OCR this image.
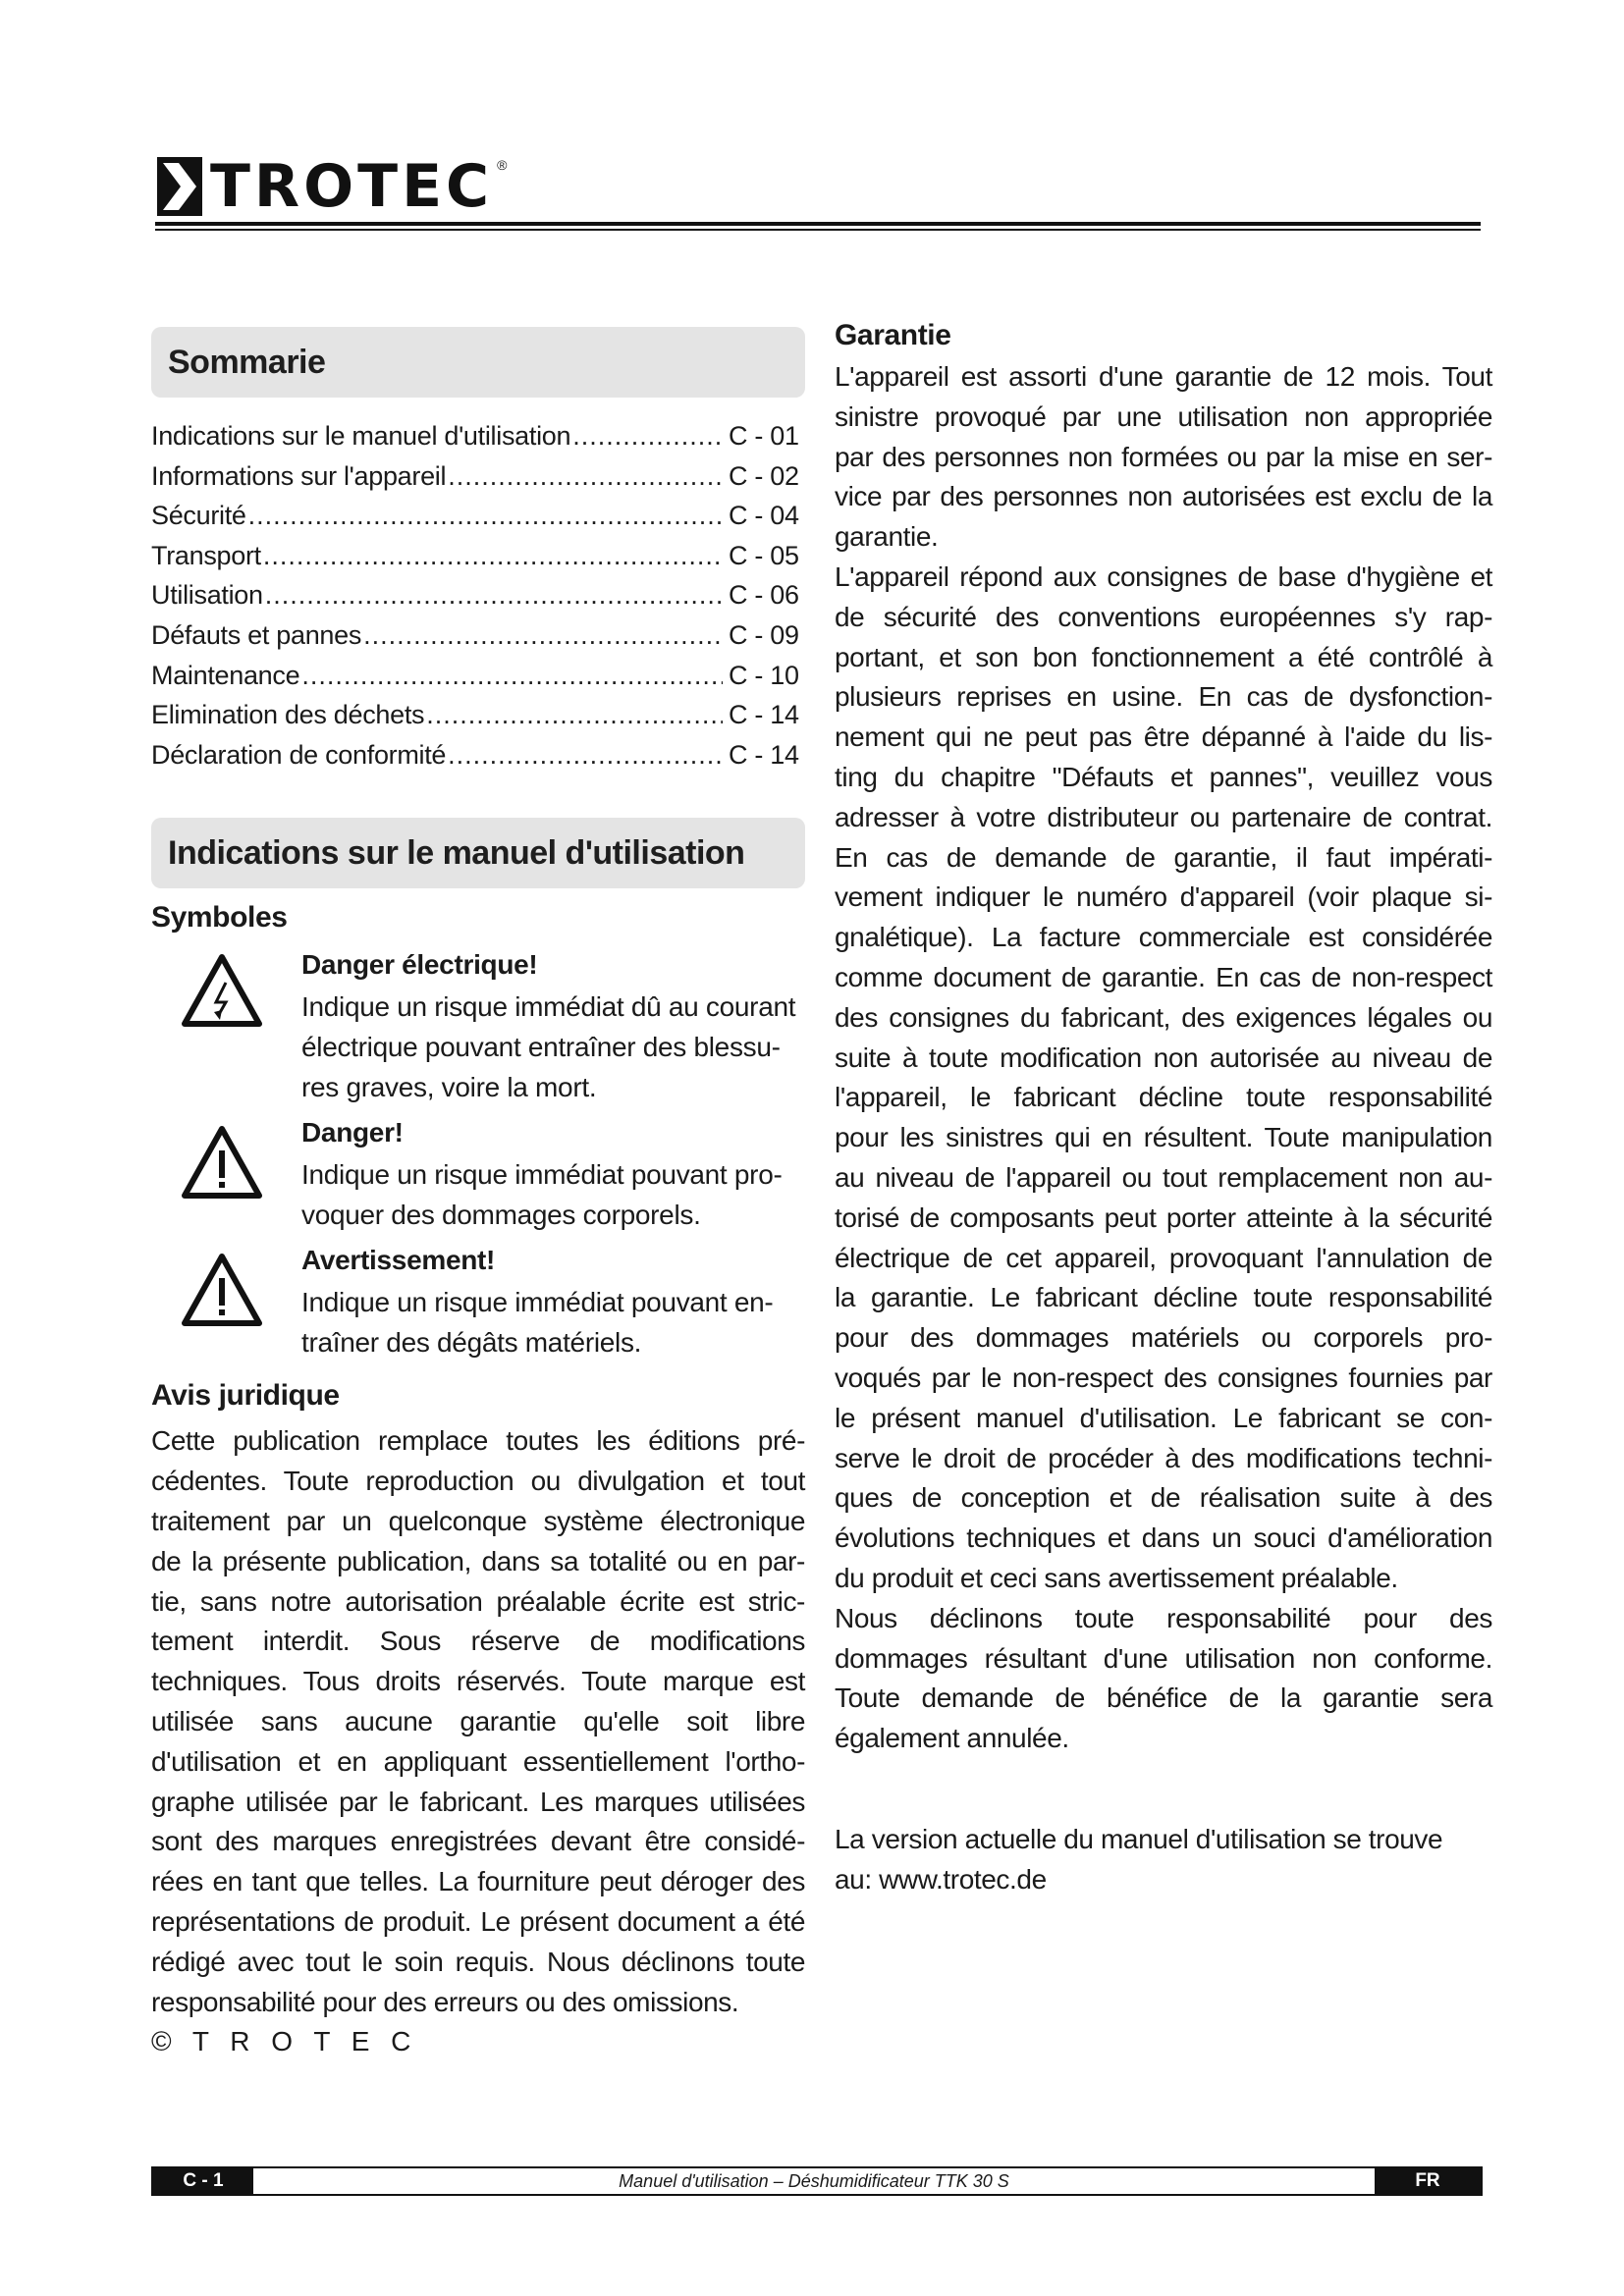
TROTEC ®
Sommarie
Indications sur le manuel d'utilisation .....	C - 01
Informations sur l'appareil .....	C - 02
Sécurité .....	C - 04
Transport .....	C - 05
Utilisation .....	C - 06
Défauts et pannes .....	C - 09
Maintenance .....	C - 10
Elimination des déchets .....	C - 14
Déclaration de conformité .....	C - 14
Indications sur le manuel d'utilisation
Symboles
Danger électrique!
Indique un risque immédiat dû au courant
électrique pouvant entraîner des blessu-
res graves, voire la mort.
Danger!
Indique un risque immédiat pouvant pro-
voquer des dommages corporels.
Avertissement!
Indique un risque immédiat pouvant en-
traîner des dégâts matériels.
Avis juridique
Cette publication remplace toutes les éditions pré-
cédentes. Toute reproduction ou divulgation et tout
traitement par un quelconque système électronique
de la présente publication, dans sa totalité ou en par-
tie, sans notre autorisation préalable écrite est stric-
tement interdit. Sous réserve de modifications
techniques. Tous droits réservés. Toute marque est
utilisée sans aucune garantie qu'elle soit libre
d'utilisation et en appliquant essentiellement l'ortho-
graphe utilisée par le fabricant. Les marques utilisées
sont des marques enregistrées devant être considé-
rées en tant que telles. La fourniture peut déroger des
représentations de produit. Le présent document a été
rédigé avec tout le soin requis. Nous déclinons toute
responsabilité pour des erreurs ou des omissions.
© T R O T E C
Garantie
L'appareil est assorti d'une garantie de 12 mois. Tout
sinistre provoqué par une utilisation non appropriée
par des personnes non formées ou par la mise en ser-
vice par des personnes non autorisées est exclu de la
garantie.
L'appareil répond aux consignes de base d'hygiène et
de sécurité des conventions européennes s'y rap-
portant, et son bon fonctionnement a été contrôlé à
plusieurs reprises en usine. En cas de dysfonction-
nement qui ne peut pas être dépanné à l'aide du lis-
ting du chapitre "Défauts et pannes", veuillez vous
adresser à votre distributeur ou partenaire de contrat.
En cas de demande de garantie, il faut impérati-
vement indiquer le numéro d'appareil (voir plaque si-
gnalétique). La facture commerciale est considérée
comme document de garantie. En cas de non-respect
des consignes du fabricant, des exigences légales ou
suite à toute modification non autorisée au niveau de
l'appareil, le fabricant décline toute responsabilité
pour les sinistres qui en résultent. Toute manipulation
au niveau de l'appareil ou tout remplacement non au-
torisé de composants peut porter atteinte à la sécurité
électrique de cet appareil, provoquant l'annulation de
la garantie. Le fabricant décline toute responsabilité
pour des dommages matériels ou corporels pro-
voqués par le non-respect des consignes fournies par
le présent manuel d'utilisation. Le fabricant se con-
serve le droit de procéder à des modifications techni-
ques de conception et de réalisation suite à des
évolutions techniques et dans un souci d'amélioration
du produit et ceci sans avertissement préalable.
Nous déclinons toute responsabilité pour des
dommages résultant d'une utilisation non conforme.
Toute demande de bénéfice de la garantie sera
également annulée.
La version actuelle du manuel d'utilisation se trouve
au: www.trotec.de
C - 1	Manuel d'utilisation – Déshumidificateur TTK 30 S	FR
